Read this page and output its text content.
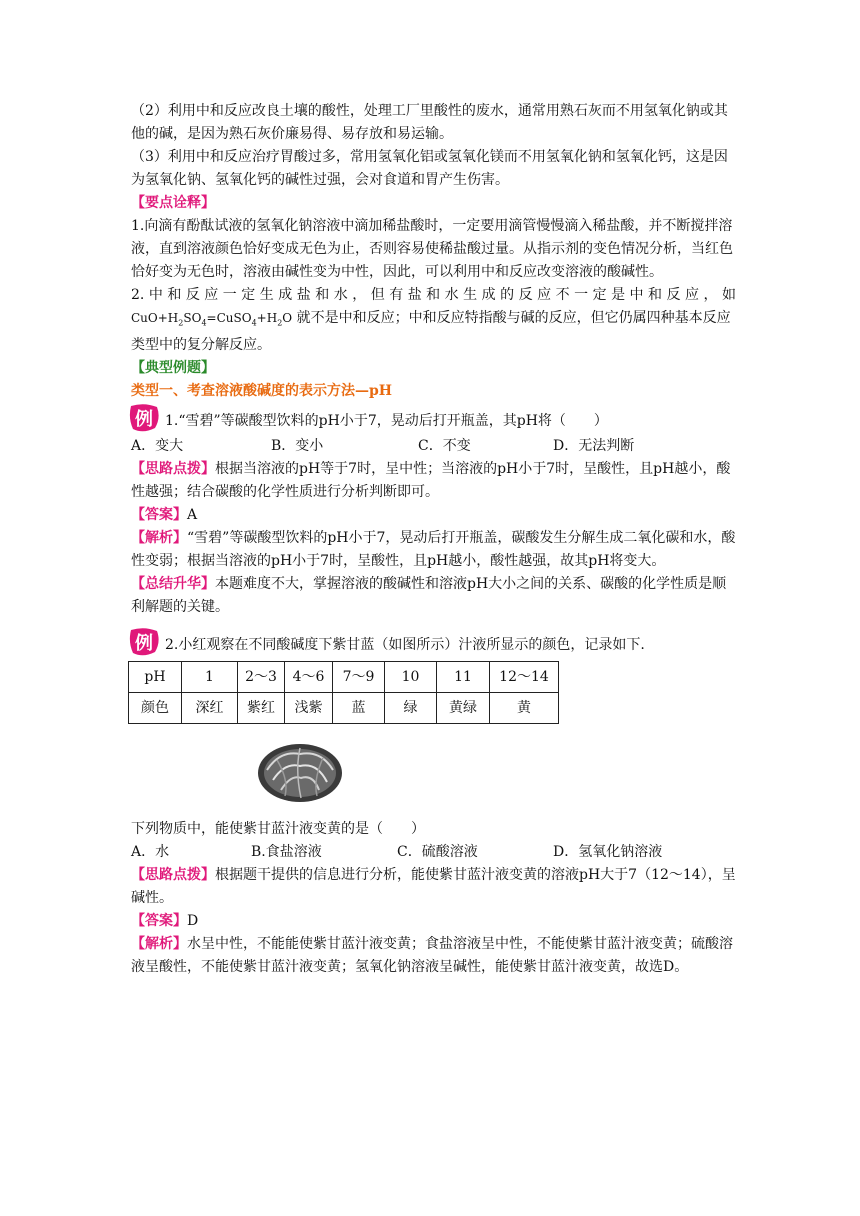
（2）利用中和反应改良土壤的酸性，处理工厂里酸性的废水，通常用熟石灰而不用氢氧化钠或其他的碱，是因为熟石灰价廉易得、易存放和易运输。

（3）利用中和反应治疗胃酸过多，常用氢氧化铝或氢氧化镁而不用氢氧化钠和氢氧化钙，这是因为氢氧化钠、氢氧化钙的碱性过强，会对食道和胃产生伤害。

【要点诠释】

1.向滴有酚酞试液的氢氧化钠溶液中滴加稀盐酸时，一定要用滴管慢慢滴入稀盐酸，并不断搅拌溶液，直到溶液颜色恰好变成无色为止，否则容易使稀盐酸过量。从指示剂的变色情况分析，当红色恰好变为无色时，溶液由碱性变为中性，因此，可以利用中和反应改变溶液的酸碱性。

2.中和反应一定生成盐和水，但有盐和水生成的反应不一定是中和反应，如
$CuO+H_2SO_4=CuSO_4+H_2O$ 就不是中和反应；中和反应特指酸与碱的反应，但它仍属四种基本反应类型中的复分解反应。

【典型例题】

类型一、考查溶液酸碱度的表示方法—pH

例 1.“雪碧”等碳酸型饮料的pH小于7，晃动后打开瓶盖，其pH将（　　）
A．变大	B．变小	C．不变	D．无法判断

【思路点拨】根据当溶液的pH等于7时，呈中性；当溶液的pH小于7时，呈酸性，且pH越小，酸性越强；结合碳酸的化学性质进行分析判断即可。

【答案】A

【解析】“雪碧”等碳酸型饮料的pH小于7，晃动后打开瓶盖，碳酸发生分解生成二氧化碳和水，酸性变弱；根据当溶液的pH小于7时，呈酸性，且pH越小，酸性越强，故其pH将变大。

【总结升华】本题难度不大，掌握溶液的酸碱性和溶液pH大小之间的关系、碳酸的化学性质是顺利解题的关键。

例 2.小红观察在不同酸碱度下紫甘蓝（如图所示）汁液所显示的颜色，记录如下.
pH	1	2～3	4～6	7～9	10	11	12～14
颜色	深红	紫红	浅紫	蓝	绿	黄绿	黄

下列物质中，能使紫甘蓝汁液变黄的是（　　）

A．水	B.食盐溶液	C．硫酸溶液	D．氢氧化钠溶液

【思路点拨】根据题干提供的信息进行分析，能使紫甘蓝汁液变黄的溶液pH大于7（12～14），呈碱性。

【答案】D

【解析】水呈中性，不能能使紫甘蓝汁液变黄；食盐溶液呈中性，不能使紫甘蓝汁液变黄；硫酸溶液呈酸性，不能使紫甘蓝汁液变黄；氢氧化钠溶液呈碱性，能使紫甘蓝汁液变黄，故选D。
